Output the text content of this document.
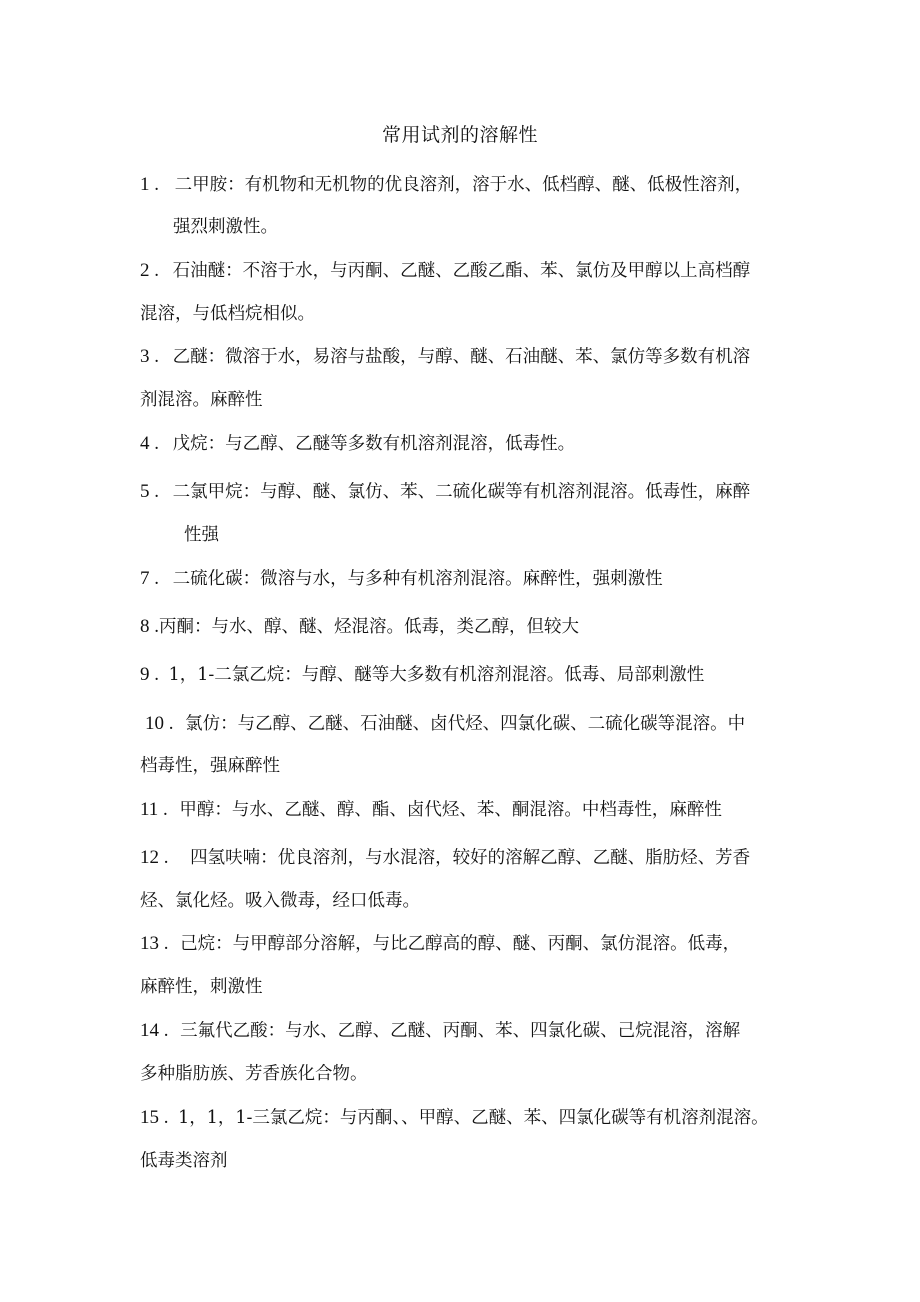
常用试剂的溶解性
1 . 二甲胺：有机物和无机物的优良溶剂，溶于水、低档醇、醚、低极性溶剂，
强烈刺激性。
2 . 石油醚：不溶于水，与丙酮、乙醚、乙酸乙酯、苯、氯仿及甲醇以上高档醇
混溶，与低档烷相似。
3 . 乙醚：微溶于水，易溶与盐酸，与醇、醚、石油醚、苯、氯仿等多数有机溶
剂混溶。麻醉性
4 . 戊烷：与乙醇、乙醚等多数有机溶剂混溶，低毒性。
5 . 二氯甲烷：与醇、醚、氯仿、苯、二硫化碳等有机溶剂混溶。低毒性，麻醉
性强
7 . 二硫化碳：微溶与水，与多种有机溶剂混溶。麻醉性，强刺激性
8 .丙酮：与水、醇、醚、烃混溶。低毒，类乙醇，但较大
9 . 1，1-二氯乙烷：与醇、醚等大多数有机溶剂混溶。低毒、局部刺激性
10 . 氯仿：与乙醇、乙醚、石油醚、卤代烃、四氯化碳、二硫化碳等混溶。中
档毒性，强麻醉性
11 . 甲醇：与水、乙醚、醇、酯、卤代烃、苯、酮混溶。中档毒性，麻醉性
12 . 四氢呋喃：优良溶剂，与水混溶，较好的溶解乙醇、乙醚、脂肪烃、芳香
烃、氯化烃。吸入微毒，经口低毒。
13 . 己烷：与甲醇部分溶解，与比乙醇高的醇、醚、丙酮、氯仿混溶。低毒，
麻醉性，刺激性
14 . 三氟代乙酸：与水、乙醇、乙醚、丙酮、苯、四氯化碳、己烷混溶，溶解
多种脂肪族、芳香族化合物。
15 . 1，1，1-三氯乙烷：与丙酮、、甲醇、乙醚、苯、四氯化碳等有机溶剂混溶。
低毒类溶剂
